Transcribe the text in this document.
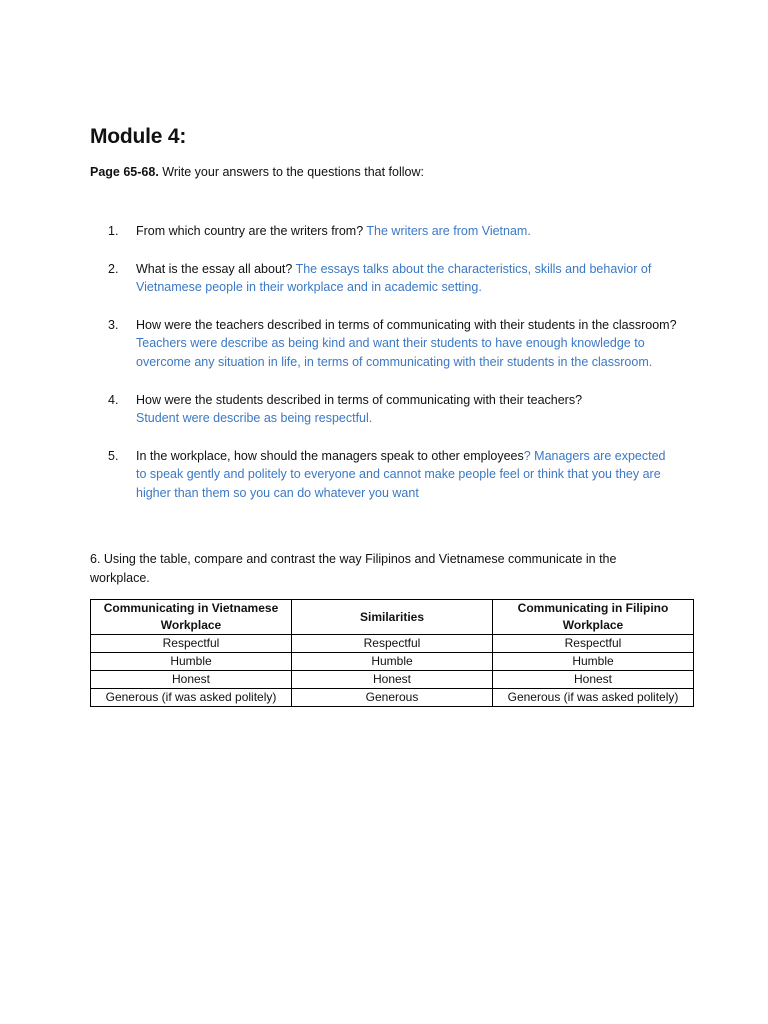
Module 4:
Page 65-68. Write your answers to the questions that follow:
1.	From which country are the writers from? The writers are from Vietnam.
2.	What is the essay all about? The essays talks about the characteristics, skills and behavior of Vietnamese people in their workplace and in academic setting.
3.	How were the teachers described in terms of communicating with their students in the classroom? Teachers were describe as being kind and want their students to have enough knowledge to overcome any situation in life, in terms of communicating with their students in the classroom.
4.	How were the students described in terms of communicating with their teachers?
Student were describe as being respectful.
5.	In the workplace, how should the managers speak to other employees? Managers are expected to speak gently and politely to everyone and cannot make people feel or think that you they are higher than them so you can do whatever you want
6. Using the table, compare and contrast the way Filipinos and Vietnamese communicate in the workplace.
Communicating in Vietnamese Workplace	Similarities	Communicating in Filipino Workplace
Respectful	Respectful	Respectful
Humble	Humble	Humble
Honest	Honest	Honest
Generous (if was asked politely)	Generous	Generous (if was asked politely)
